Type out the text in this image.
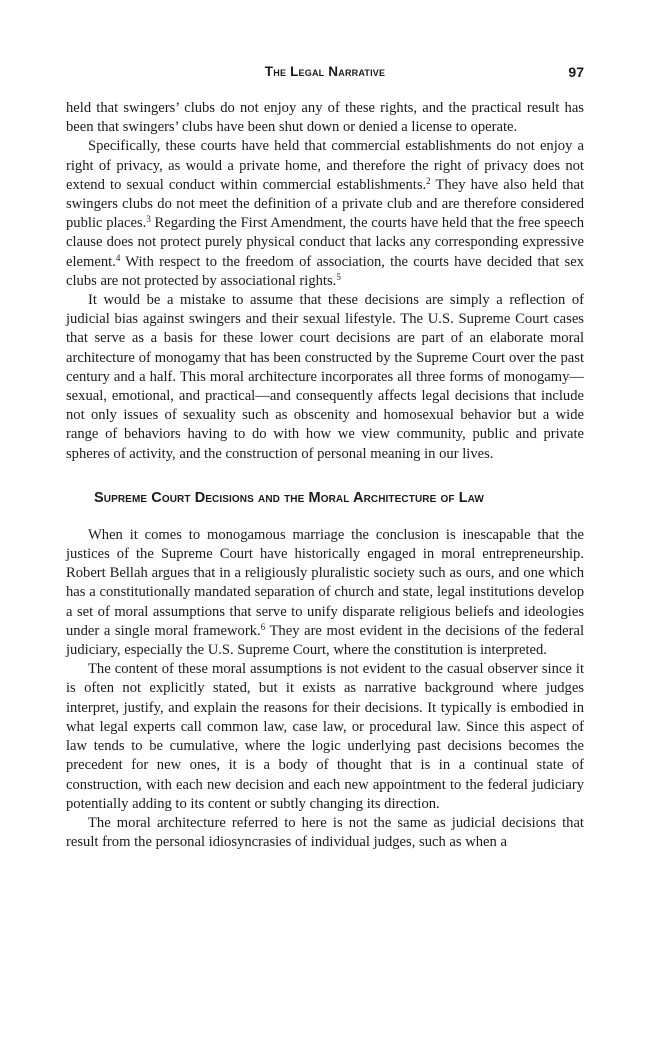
The Legal Narrative	97

held that swingers’ clubs do not enjoy any of these rights, and the practical result has been that swingers’ clubs have been shut down or denied a license to operate.

Specifically, these courts have held that commercial establishments do not enjoy a right of privacy, as would a private home, and therefore the right of privacy does not extend to sexual conduct within commercial establishments.$^2$ They have also held that swingers clubs do not meet the definition of a private club and are therefore considered public places.$^3$ Regarding the First Amendment, the courts have held that the free speech clause does not protect purely physical conduct that lacks any corresponding expressive element.$^4$ With respect to the freedom of association, the courts have decided that sex clubs are not protected by associational rights.$^5$

It would be a mistake to assume that these decisions are simply a reflection of judicial bias against swingers and their sexual lifestyle. The U.S. Supreme Court cases that serve as a basis for these lower court decisions are part of an elaborate moral architecture of monogamy that has been constructed by the Supreme Court over the past century and a half. This moral architecture incorporates all three forms of monogamy—sexual, emotional, and practical—and consequently affects legal decisions that include not only issues of sexuality such as obscenity and homosexual behavior but a wide range of behaviors having to do with how we view community, public and private spheres of activity, and the construction of personal meaning in our lives.

Supreme Court Decisions and the Moral Architecture of Law

When it comes to monogamous marriage the conclusion is inescapable that the justices of the Supreme Court have historically engaged in moral entrepreneurship. Robert Bellah argues that in a religiously pluralistic society such as ours, and one which has a constitutionally mandated separation of church and state, legal institutions develop a set of moral assumptions that serve to unify disparate religious beliefs and ideologies under a single moral framework.$^6$ They are most evident in the decisions of the federal judiciary, especially the U.S. Supreme Court, where the constitution is interpreted.

The content of these moral assumptions is not evident to the casual observer since it is often not explicitly stated, but it exists as narrative background where judges interpret, justify, and explain the reasons for their decisions. It typically is embodied in what legal experts call common law, case law, or procedural law. Since this aspect of law tends to be cumulative, where the logic underlying past decisions becomes the precedent for new ones, it is a body of thought that is in a continual state of construction, with each new decision and each new appointment to the federal judiciary potentially adding to its content or subtly changing its direction.

The moral architecture referred to here is not the same as judicial decisions that result from the personal idiosyncrasies of individual judges, such as when a
